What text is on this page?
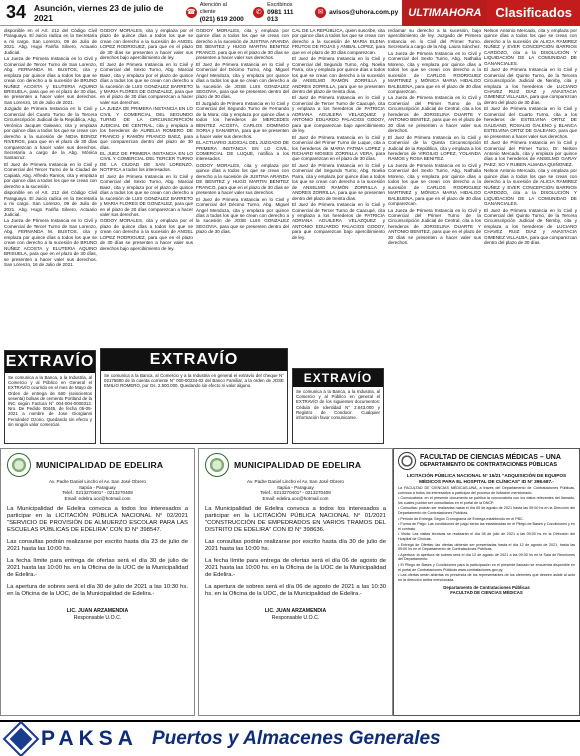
34 Asunción, viernes 23 de julio de 2021	☎
Atención al cliente
(021) 619 2000
✆
Escribinos
0981 111 013
✉ avisos@uhora.com.py ULTIMAHORA	Clasificados

disponible en el Art. 212 del Código Civil Paraguayo. El Juicio radica en la Secretaría a mi cargo. San Lorenzo, 09 de Julio de 2021. Abg. Hugo Fariña Silvero, Actuario Judicial.

La Jueza de Primera Instancia en lo Civil y Comercial de Tercer Turno de San Lorenzo, Abg. FERNANDA M. BUSTOS, cita y emplaza por quince días a todos los que se crean con derecho a la sucesión de BRUNO NUÑEZ ACOSTA y ELUTERIA AQUINO BRISUELA, para que en el plazo de 30 días, se presenten a hacer valer sus derechos. San Lorenzo, 16 de Julio de 2021.

Juzgado de Primera Instancia en lo Civil y Comercial del Cuarto Turno de la Tercera Circunscripción Judicial de la República, Abg. Verónica Jacquet Galeano, cita y emplaza por quince días a todos los que se crean con derecho a la sucesión de NIDIA BONOZ RIVEROS, para que en el plazo de 30 días comparezcan a hacer valer sus derechos. Secretaría a cargo de la Abg. Mónica Santacruz.

El Juez de Primera Instancia en lo Civil y Comercial del Tercer Turno de la Ciudad de Capiatá, Abg. Alfredo Ramos, cita y emplaza por quince días a todos los que se crean con derecho a la sucesión.

disponible en el Art. 212 del Código Civil Paraguayo. El Juicio radica en la Secretaría a mi cargo. San Lorenzo, 09 de Julio de 2021. Abg. Hugo Fariña Silvero, Actuario Judicial.

La Jueza de Primera Instancia en lo Civil y Comercial de Tercer Turno de San Lorenzo, Abg. FERNANDA M. BUSTOS, cita y emplaza por quince días a todos los que se crean con derecho a la sucesión de BRUNO NUÑEZ ACOSTA y ELUTERIA AQUINO BRISUELA, para que en el plazo de 30 días, se presenten a hacer valer sus derechos. San Lorenzo, 16 de Julio de 2021.

GODOY MORALES, cita y emplaza por el plazo de quince días a todos los que se crean con derecho a la sucesión de ANGEL LOPEZ RODRIGUEZ, para que en el plazo de 30 días se presenten a hacer valer sus derechos bajo apercibimiento de ley.

El Juez de Primera Instancia en lo Civil y Comercial del Sexto Turno, Abg. Marcial Baez, cita y emplaza por el plazo de quince días a todos los que se crean con derecho a la sucesión de LUIS GONZALEZ BARRETO y MARIA FLORES DE GONZALEZ, para que en el plazo de 30 días comparezcan a hacer valer sus derechos.

LA JUEZA DE PRIMERA INSTANCIA EN LO CIVIL Y COMERCIAL DEL SEGUNDO TURNO DE LA CIRCUNSCRIPCIÓN JUDICIAL DE CENTRAL, cita y emplaza a los herederos de AURELIA ROMERO DE FRANCO y RAMÓN FRANCO BAEZ, para que comparezcan dentro del plazo de 30 días.

EL JUEZ DE PRIMERA INSTANCIA EN LO CIVIL Y COMERCIAL DEL TERCER TURNO DE LA CIUDAD DE SAN LORENZO, NOTIFICA a todos los interesados.

El Juez de Primera Instancia en lo Civil y Comercial del Sexto Turno, Abg. Marcial Baez, cita y emplaza por el plazo de quince días a todos los que se crean con derecho a la sucesión de LUIS GONZALEZ BARRETO y MARIA FLORES DE GONZALEZ, para que en el plazo de 30 días comparezcan a hacer valer sus derechos.

GODOY MORALES, cita y emplaza por el plazo de quince días a todos los que se crean con derecho a la sucesión de ANGEL LOPEZ RODRIGUEZ, para que en el plazo de 30 días se presenten a hacer valer sus derechos bajo apercibimiento de ley.

GODOY MORALES, cita y emplaza por quince días a todos los que se crean con derecho a la sucesión de JUSTINA ARANDA DE BENITEZ y HUGO MARTIN BENITEZ FRANCO, para que en el plazo de 30 días se presenten a hacer valer sus derechos.

El Juez de Primera Instancia en lo Civil y Comercial del Décimo Turno, Abg. Miguel Ángel Mendoza, cita y emplaza por quince días a todos los que se crean con derecho a la sucesión de JOSE LUIS GONZALEZ SEGOVIA, para que se presenten dentro del plazo de 30 días.

El Juzgado de Primera Instancia en lo Civil y Comercial del Segundo Turno de Fernando de la Mora, cita y emplaza por quince días a todos los herederos de MERCEDES BENITEZ ACOSTA, CARLOS DOMINGO SORIA y SANABRIA, para que se presenten a hacer valer sus derechos.

EL ACTUARIO JUDICIAL DEL JUZGADO DE PRIMERA INSTANCIA EN LO CIVIL, COMERCIAL DE LUQUE, notifica a los interesados.

GODOY MORALES, cita y emplaza por quince días a todos los que se crean con derecho a la sucesión de JUSTINA ARANDA DE BENITEZ y HUGO MARTIN BENITEZ FRANCO, para que en el plazo de 30 días se presenten a hacer valer sus derechos.

El Juez de Primera Instancia en lo Civil y Comercial del Décimo Turno, Abg. Miguel Ángel Mendoza, cita y emplaza por quince días a todos los que se crean con derecho a la sucesión de JOSE LUIS GONZALEZ SEGOVIA, para que se presenten dentro del plazo de 30 días.

CAL DE LA REPÚBLICA, quien suscribe, cita por quince días a todos los que se crean con derecho a la sucesión de MARIA ELENA FRUTOS DE ROJAS y ANIBAL LOPEZ, para que en el plazo de 30 días comparezcan.

El Juez de Primera Instancia en lo Civil y Comercial del Segundo Turno, Abg. Noelia Parra, cita y emplaza por quince días a todos los que se crean con derecho a la sucesión de ANSELMO RAMÓN ZORRILLA y ANDRES ZORRILLA, para que se presenten dentro del plazo de treinta días.

El Juez de Primera Instancia en lo Civil y Comercial de Tercer Turno de Caacupé, cita y emplaza a los herederos de PATRICIA ADRIANA AGUILERA VELAZQUEZ y ANTONIO EDUARDO PALACIOS GODOY, para que comparezcan bajo apercibimiento de ley.

El Juez de Primera Instancia en lo Civil y Comercial del Primer Turno de Luque, cita a los herederos de MARIA FATIMA LOPEZ y RICHARD MOISES ZORRILLA VERA, para que comparezcan en el plazo de 30 días.

El Juez de Primera Instancia en lo Civil y Comercial del Segundo Turno, Abg. Noelia Parra, cita y emplaza por quince días a todos los que se crean con derecho a la sucesión de ANSELMO RAMÓN ZORRILLA y ANDRES ZORRILLA, para que se presenten dentro del plazo de treinta días.

El Juez de Primera Instancia en lo Civil y Comercial de Tercer Turno de Caacupé, cita y emplaza a los herederos de PATRICIA ADRIANA AGUILERA VELAZQUEZ y ANTONIO EDUARDO PALACIOS GODOY, para que comparezcan bajo apercibimiento de ley.

reclamar su derecho a la sucesión, bajo apercibimiento de ley. Juzgado de Primera Instancia en lo Civil del Primer Turno. Secretaría a cargo de la Abg. Laura Sánchez.

La Jueza de Primera Instancia en lo Civil y Comercial del Sexto Turno, Abg. Nathalia Moreno, cita y emplaza por quince días a todos los que se crean con derecho a la sucesión de CARLOS RODRIGUEZ MARTINEZ y MÓNICA MARIA HIDALGO BALBUENA, para que en el plazo de 30 días comparezcan.

La Jueza de Primera Instancia en lo Civil y Comercial del Primer Turno de la Circunscripción Judicial de Central, cita a los herederos de JORGELINA DUARTE Y ANTONIO BENITEZ, para que en el plazo de 30 días se presenten a hacer valer sus derechos.

El Juez de Primera Instancia en lo Civil y Comercial de la Quinta Circunscripción Judicial de la República, cita y emplaza a los herederos de VIRGILIO LOPEZ, YOLANDA RAMOS y ROSA BENITEZ.

La Jueza de Primera Instancia en lo Civil y Comercial del Sexto Turno, Abg. Nathalia Moreno, cita y emplaza por quince días a todos los que se crean con derecho a la sucesión de CARLOS RODRIGUEZ MARTINEZ y MÓNICA MARIA HIDALGO BALBUENA, para que en el plazo de 30 días comparezcan.

La Jueza de Primera Instancia en lo Civil y Comercial del Primer Turno de la Circunscripción Judicial de Central, cita a los herederos de JORGELINA DUARTE Y ANTONIO BENITEZ, para que en el plazo de 30 días se presenten a hacer valer sus derechos.

Nelson Antonio Mercado, cita y emplaza por quince días a todos los que se crean con derecho a la sucesión de ALICIA RAMIREZ NUÑEZ y EVER CONCEPCIÓN BARRIOS CARDOZO, cita a la DISOLUCIÓN Y LIQUIDACIÓN DE LA COMUNIDAD DE GANANCIALES.

El Juez de Primera Instancia en lo Civil y Comercial del Quinto Turno, de la Tercera Circunscripción Judicial de Ñemby, cita y emplaza a los herederos de LUCIANO CHAVEZ RUIZ DIAZ y ANASTACIA GIMENEZ VILLALBA, para que comparezcan dentro del plazo de 30 días.

El Juez de Primera Instancia en lo Civil y Comercial del Cuarto Turno, cita a los herederos de ESTELVINA ORTIZ DE GALEANO, ROSALIO GALENO y BLANCA ESTELVINA ORTIZ DE GALEANO, para que se presenten a hacer valer sus derechos.

El Juez de Primera Instancia en lo Civil y Comercial del Primer Turno, Dr. Nelson Antonio Mercado, cita y emplaza por quince días a los herederos de ANSELMO GARAY PAEZ, SO Y RUBEN ALMADA QUIÑONEZ.

Nelson Antonio Mercado, cita y emplaza por quince días a todos los que se crean con derecho a la sucesión de ALICIA RAMIREZ NUÑEZ y EVER CONCEPCIÓN BARRIOS CARDOZO, cita a la DISOLUCIÓN Y LIQUIDACIÓN DE LA COMUNIDAD DE GANANCIALES.

El Juez de Primera Instancia en lo Civil y Comercial del Quinto Turno, de la Tercera Circunscripción Judicial de Ñemby, cita y emplaza a los herederos de LUCIANO CHAVEZ RUIZ DIAZ y ANASTACIA GIMENEZ VILLALBA, para que comparezcan dentro del plazo de 30 días.

EXTRAVÍO
Se comunica a la Banca, a la Industria, al Comercio y al Público en General el EXTRAVÍO ocurrido en el mes de Mayo de Orden de entrega de 660 (seiscientos sesenta) bolsas de cemento Portland de la INC según Factura N° 004-004-0000312. Nro. De Pedido 00445, de fecha 05-05-2021 a nombre de Jose Giorgianni Fernández Ozorio. Quedando sin efecto y sin ningún valor comercial.
EXTRAVÍO
Se comunica a la Banca, al Comercio y a la Industria en general el extravío del cheque N° 02175680 de la cuenta corriente N° 000-00234-02 del Banco Familiar, a la orden de JOSE EMILIO ROMERO, por Gs. 2.500.000. Quedando sin efecto ni valor alguno.
EXTRAVÍO
Se comunica a la Banca, a la Industria, al Comercio y al Público en general el EXTRAVÍO de los siguientes documentos: Cédula de Identidad N° 2.643.000 y Registro de Conducir. Cualquier información favor comunicarse.
MUNICIPALIDAD DE EDELIRA
Av. Padre Daniel Lincho el Av. San José Obrero
Itapúa - Paraguay
Telef.: 0213270401* - 0213270408
Email: edelira.uoc@hotmail.com

La Municipalidad de Edelira convoca a todos los interesados a participar en la LICITACIÓN PÚBLICA NACIONAL N° 02/2021 "SERVICIO DE PROVISIÓN DE ALMUERZO ESCOLAR PARA LAS ESCUELAS PÚBLICAS DE EDELIRA" CON ID N° 398547.

Las consultas podrán realizarse por escrito hasta día 23 de julio de 2021 hasta las 10:00 hs.

La fecha límite para entrega de ofertas será el día 30 de julio de 2021 hasta las 10:00 hs. en la Oficina de la UOC de la Municipalidad de Edelira.-

La apertura de sobres será el día 30 de julio de 2021 a las 10:30 hs. en la Oficina de la UOC, de la Municipalidad de Edelira.-

LIC. JUAN ARZAMENDIA
Responsable U.O.C.
MUNICIPALIDAD DE EDELIRA
Av. Padre Daniel Lincho el Av. San José Obrero
Itapúa - Paraguay
Telef.: 0213270401* - 0213270408
Email: edelira.uoc@hotmail.com

La Municipalidad de Edelira convoca a todos los interesados a participar en la LICITACIÓN PÚBLICA NACIONAL N° 01/2021 "CONSTRUCCIÓN DE EMPEDRADOS EN VARIOS TRAMOS DEL DISTRITO DE EDELIRA" CON ID N° 398636.

Las consultas podrán realizarse por escrito hasta día 30 de julio de 2021 hasta las 10:00 hs.

La fecha límite para entrega de ofertas será el día 06 de agosto de 2021 hasta las 10:00 hs. en la Oficina de la UOC de la Municipalidad de Edelira.-

La apertura de sobres será el día 06 de agosto de 2021 a las 10:30 hs. en la Oficina de la UOC, de la Municipalidad de Edelira.-

LIC. JUAN ARZAMENDIA
Responsable U.O.C.
FACULTAD DE CIENCIAS MÉDICAS – UNA
DEPARTAMENTO DE CONTRATACIONES PÚBLICAS
LICITACIÓN PÚBLICA NACIONAL N° 16/21 "ADQUISICIÓN DE EQUIPOS MÉDICOS PARA EL HOSPITAL DE CLÍNICAS" ID N° 398.687.-

La FACULTAD DE CIENCIAS MÉDICAS-UNA, a través del Departamento de Contrataciones Públicas, convoca a todos los interesados a participar del proceso de licitación mencionado.

• Convocatoria: en el presente documento se publica la convocatoria con los datos relevantes del llamado, los cuales podrán ser consultados en el portal de la DNCP.

• Consultas: podrán ser realizadas hasta el día 05 de agosto de 2021 hasta las 09:00 hs en la Dirección del Departamento de Contrataciones Públicas.

• Periodo de Entrega: Según Cronograma de Entrega establecido en el PBC.

• Forma de Pago: Las condiciones de pago serán las establecidas en el Pliego de Bases y Condiciones y en el contrato.

• Visita: Las visitas técnicas se realizarán el día 28 de julio de 2021 a las 09:00 hs en la Dirección del Hospital de Clínicas.

• Entrega de Ofertas: las ofertas deberán ser presentadas hasta el día 12 de agosto de 2021, hasta las 09:00 hs en el Departamento de Contrataciones Públicas.

• Apertura: la apertura de sobres será el día 12 de agosto de 2021 a las 09:30 hs en la Sala de Reuniones del Departamento.

• El Pliego de Bases y Condiciones para la participación en el presente llamado se encuentra disponible en el portal de Contrataciones Públicas www.contrataciones.gov.py.

• Las ofertas serán abiertas en presencia de los representantes de los oferentes que deseen asistir al acto en la dirección arriba mencionada.

Departamento de Contrataciones Públicas
FACULTAD DE CIENCIAS MÉDICAS
PAKSA Puertos y Almacenes Generales
